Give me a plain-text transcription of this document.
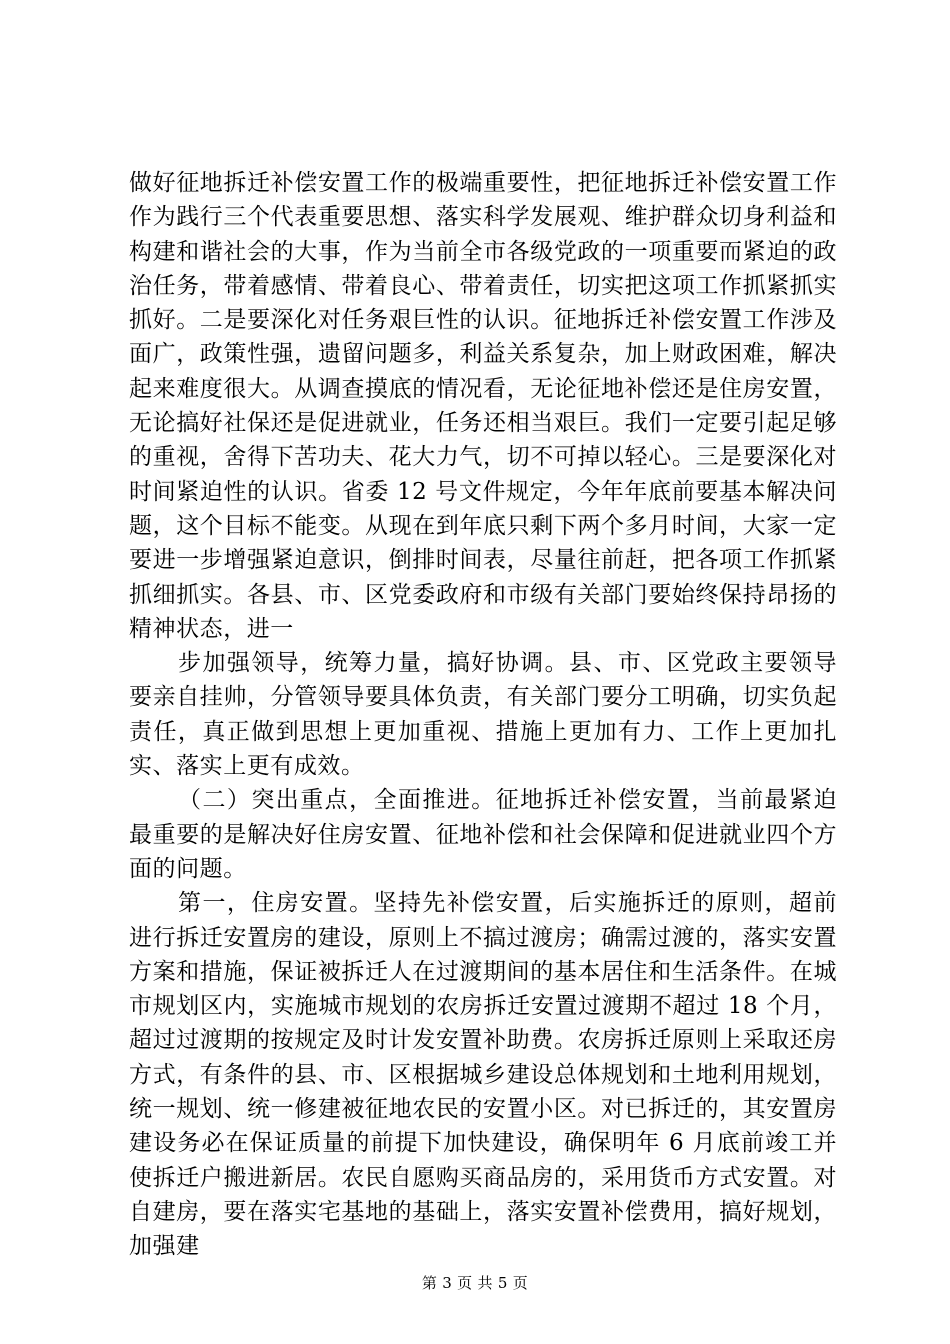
做好征地拆迁补偿安置工作的极端重要性，把征地拆迁补偿安置工作作为践行三个代表重要思想、落实科学发展观、维护群众切身利益和构建和谐社会的大事，作为当前全市各级党政的一项重要而紧迫的政治任务，带着感情、带着良心、带着责任，切实把这项工作抓紧抓实抓好。二是要深化对任务艰巨性的认识。征地拆迁补偿安置工作涉及面广，政策性强，遗留问题多，利益关系复杂，加上财政困难，解决起来难度很大。从调查摸底的情况看，无论征地补偿还是住房安置，无论搞好社保还是促进就业，任务还相当艰巨。我们一定要引起足够的重视，舍得下苦功夫、花大力气，切不可掉以轻心。三是要深化对时间紧迫性的认识。省委 12 号文件规定，今年年底前要基本解决问题，这个目标不能变。从现在到年底只剩下两个多月时间，大家一定要进一步增强紧迫意识，倒排时间表，尽量往前赶，把各项工作抓紧抓细抓实。各县、市、区党委政府和市级有关部门要始终保持昂扬的精神状态，进一

步加强领导，统筹力量，搞好协调。县、市、区党政主要领导要亲自挂帅，分管领导要具体负责，有关部门要分工明确，切实负起责任，真正做到思想上更加重视、措施上更加有力、工作上更加扎实、落实上更有成效。

（二）突出重点，全面推进。征地拆迁补偿安置，当前最紧迫最重要的是解决好住房安置、征地补偿和社会保障和促进就业四个方面的问题。

第一，住房安置。坚持先补偿安置，后实施拆迁的原则，超前进行拆迁安置房的建设，原则上不搞过渡房；确需过渡的，落实安置方案和措施，保证被拆迁人在过渡期间的基本居住和生活条件。在城市规划区内，实施城市规划的农房拆迁安置过渡期不超过 18 个月，超过过渡期的按规定及时计发安置补助费。农房拆迁原则上采取还房方式，有条件的县、市、区根据城乡建设总体规划和土地利用规划，统一规划、统一修建被征地农民的安置小区。对已拆迁的，其安置房建设务必在保证质量的前提下加快建设，确保明年 6 月底前竣工并使拆迁户搬进新居。农民自愿购买商品房的，采用货币方式安置。对自建房，要在落实宅基地的基础上，落实安置补偿费用，搞好规划，加强建

第 3 页 共 5 页
